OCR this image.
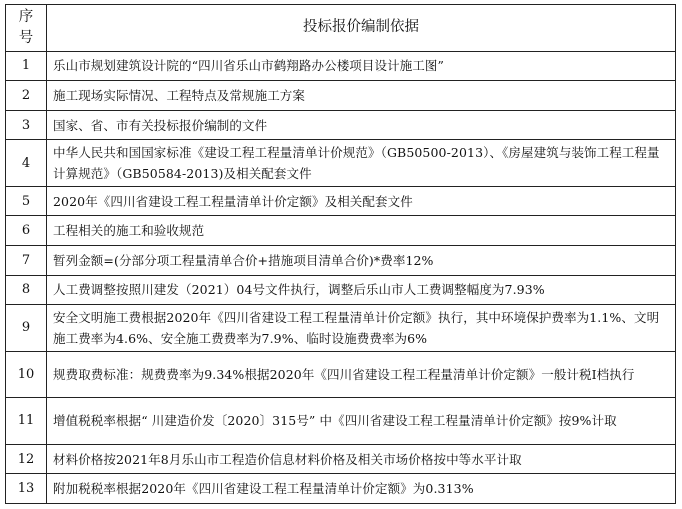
序号	投标报价编制依据
1	乐山市规划建筑设计院的“四川省乐山市鹤翔路办公楼项目设计施工图”
2	施工现场实际情况、工程特点及常规施工方案
3	国家、省、市有关投标报价编制的文件
4	中华人民共和国国家标准《建设工程工程量清单计价规范》（GB50500-2013）、《房屋建筑与装饰工程工程量计算规范》（GB50584-2013)及相关配套文件
5	2020年《四川省建设工程工程量清单计价定额》及相关配套文件
6	工程相关的施工和验收规范
7	暂列金额=(分部分项工程量清单合价+措施项目清单合价)*费率12%
8	人工费调整按照川建发（2021）04号文件执行，调整后乐山市人工费调整幅度为7.93%
9	安全文明施工费根据2020年《四川省建设工程工程量清单计价定额》执行，其中环境保护费率为1.1%、文明施工费率为4.6%、安全施工费费率为7.9%、临时设施费费率为6%
10	规费取费标准：规费费率为9.34%根据2020年《四川省建设工程工程量清单计价定额》一般计税Ⅰ档执行
11	增值税税率根据“ 川建造价发〔2020〕315号” 中《四川省建设工程工程量清单计价定额》按9%计取
12	材料价格按2021年8月乐山市工程造价信息材料价格及相关市场价格按中等水平计取
13	附加税税率根据2020年《四川省建设工程工程量清单计价定额》为0.313%
